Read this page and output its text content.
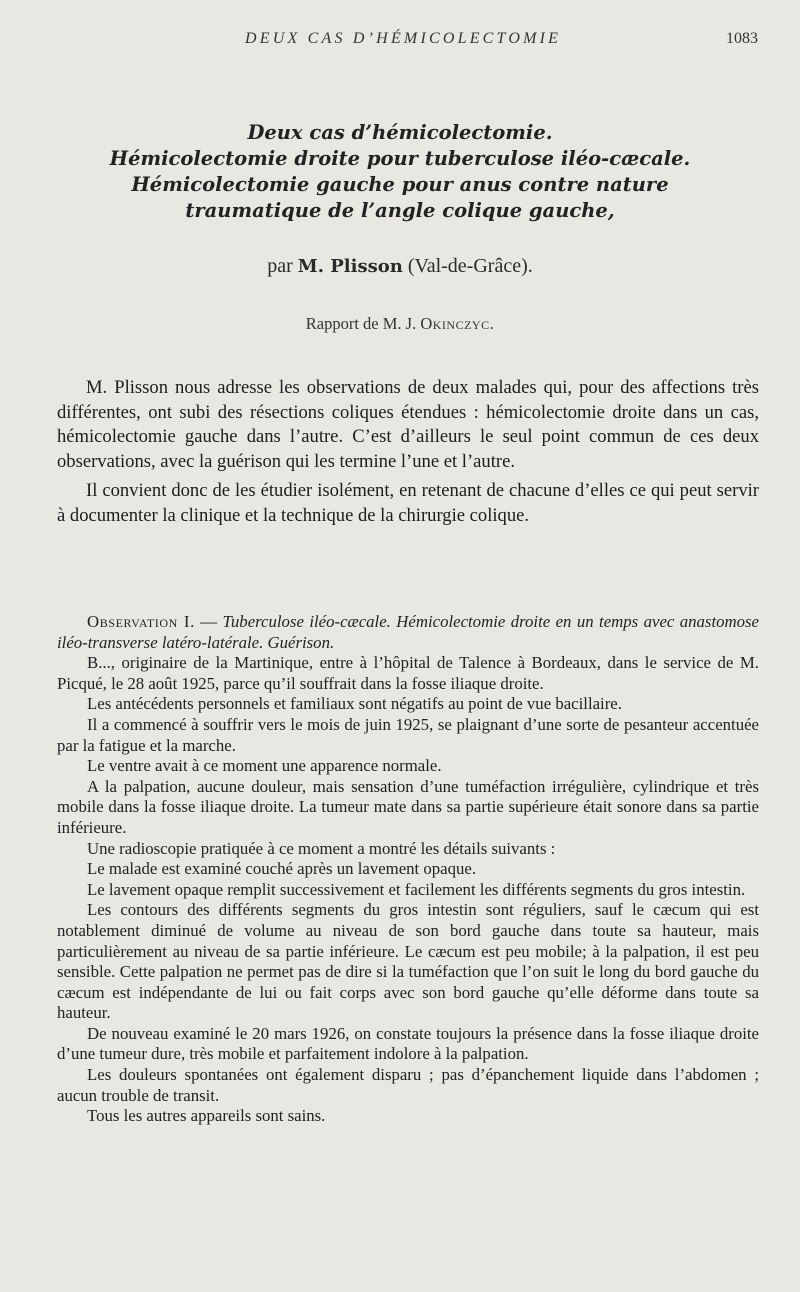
DEUX CAS D’HÉMICOLECTOMIE	1083
Deux cas d’hémicolectomie.
Hémicolectomie droite pour tuberculose iléo-cæcale.
Hémicolectomie gauche pour anus contre nature
traumatique de l’angle colique gauche,
par M. Plisson (Val-de-Grâce).
Rapport de M. J. Okinczyc.

M. Plisson nous adresse les observations de deux malades qui, pour des affections très différentes, ont subi des résections coliques étendues : hémicolectomie droite dans un cas, hémicolectomie gauche dans l’autre. C’est d’ailleurs le seul point commun de ces deux observations, avec la guérison qui les termine l’une et l’autre.

Il convient donc de les étudier isolément, en retenant de chacune d’elles ce qui peut servir à documenter la clinique et la technique de la chirurgie colique.

Observation I. — Tuberculose iléo-cæcale. Hémicolectomie droite en un temps avec anastomose iléo-transverse latéro-latérale. Guérison.

B..., originaire de la Martinique, entre à l’hôpital de Talence à Bordeaux, dans le service de M. Picqué, le 28 août 1925, parce qu’il souffrait dans la fosse iliaque droite.

Les antécédents personnels et familiaux sont négatifs au point de vue bacillaire.

Il a commencé à souffrir vers le mois de juin 1925, se plaignant d’une sorte de pesanteur accentuée par la fatigue et la marche.

Le ventre avait à ce moment une apparence normale.

A la palpation, aucune douleur, mais sensation d’une tuméfaction irrégulière, cylindrique et très mobile dans la fosse iliaque droite. La tumeur mate dans sa partie supérieure était sonore dans sa partie inférieure.

Une radioscopie pratiquée à ce moment a montré les détails suivants :

Le malade est examiné couché après un lavement opaque.

Le lavement opaque remplit successivement et facilement les différents segments du gros intestin.

Les contours des différents segments du gros intestin sont réguliers, sauf le cæcum qui est notablement diminué de volume au niveau de son bord gauche dans toute sa hauteur, mais particulièrement au niveau de sa partie inférieure. Le cæcum est peu mobile; à la palpation, il est peu sensible. Cette palpation ne permet pas de dire si la tuméfaction que l’on suit le long du bord gauche du cæcum est indépendante de lui ou fait corps avec son bord gauche qu’elle déforme dans toute sa hauteur.

De nouveau examiné le 20 mars 1926, on constate toujours la présence dans la fosse iliaque droite d’une tumeur dure, très mobile et parfaitement indolore à la palpation.

Les douleurs spontanées ont également disparu ; pas d’épanchement liquide dans l’abdomen ; aucun trouble de transit.

Tous les autres appareils sont sains.
